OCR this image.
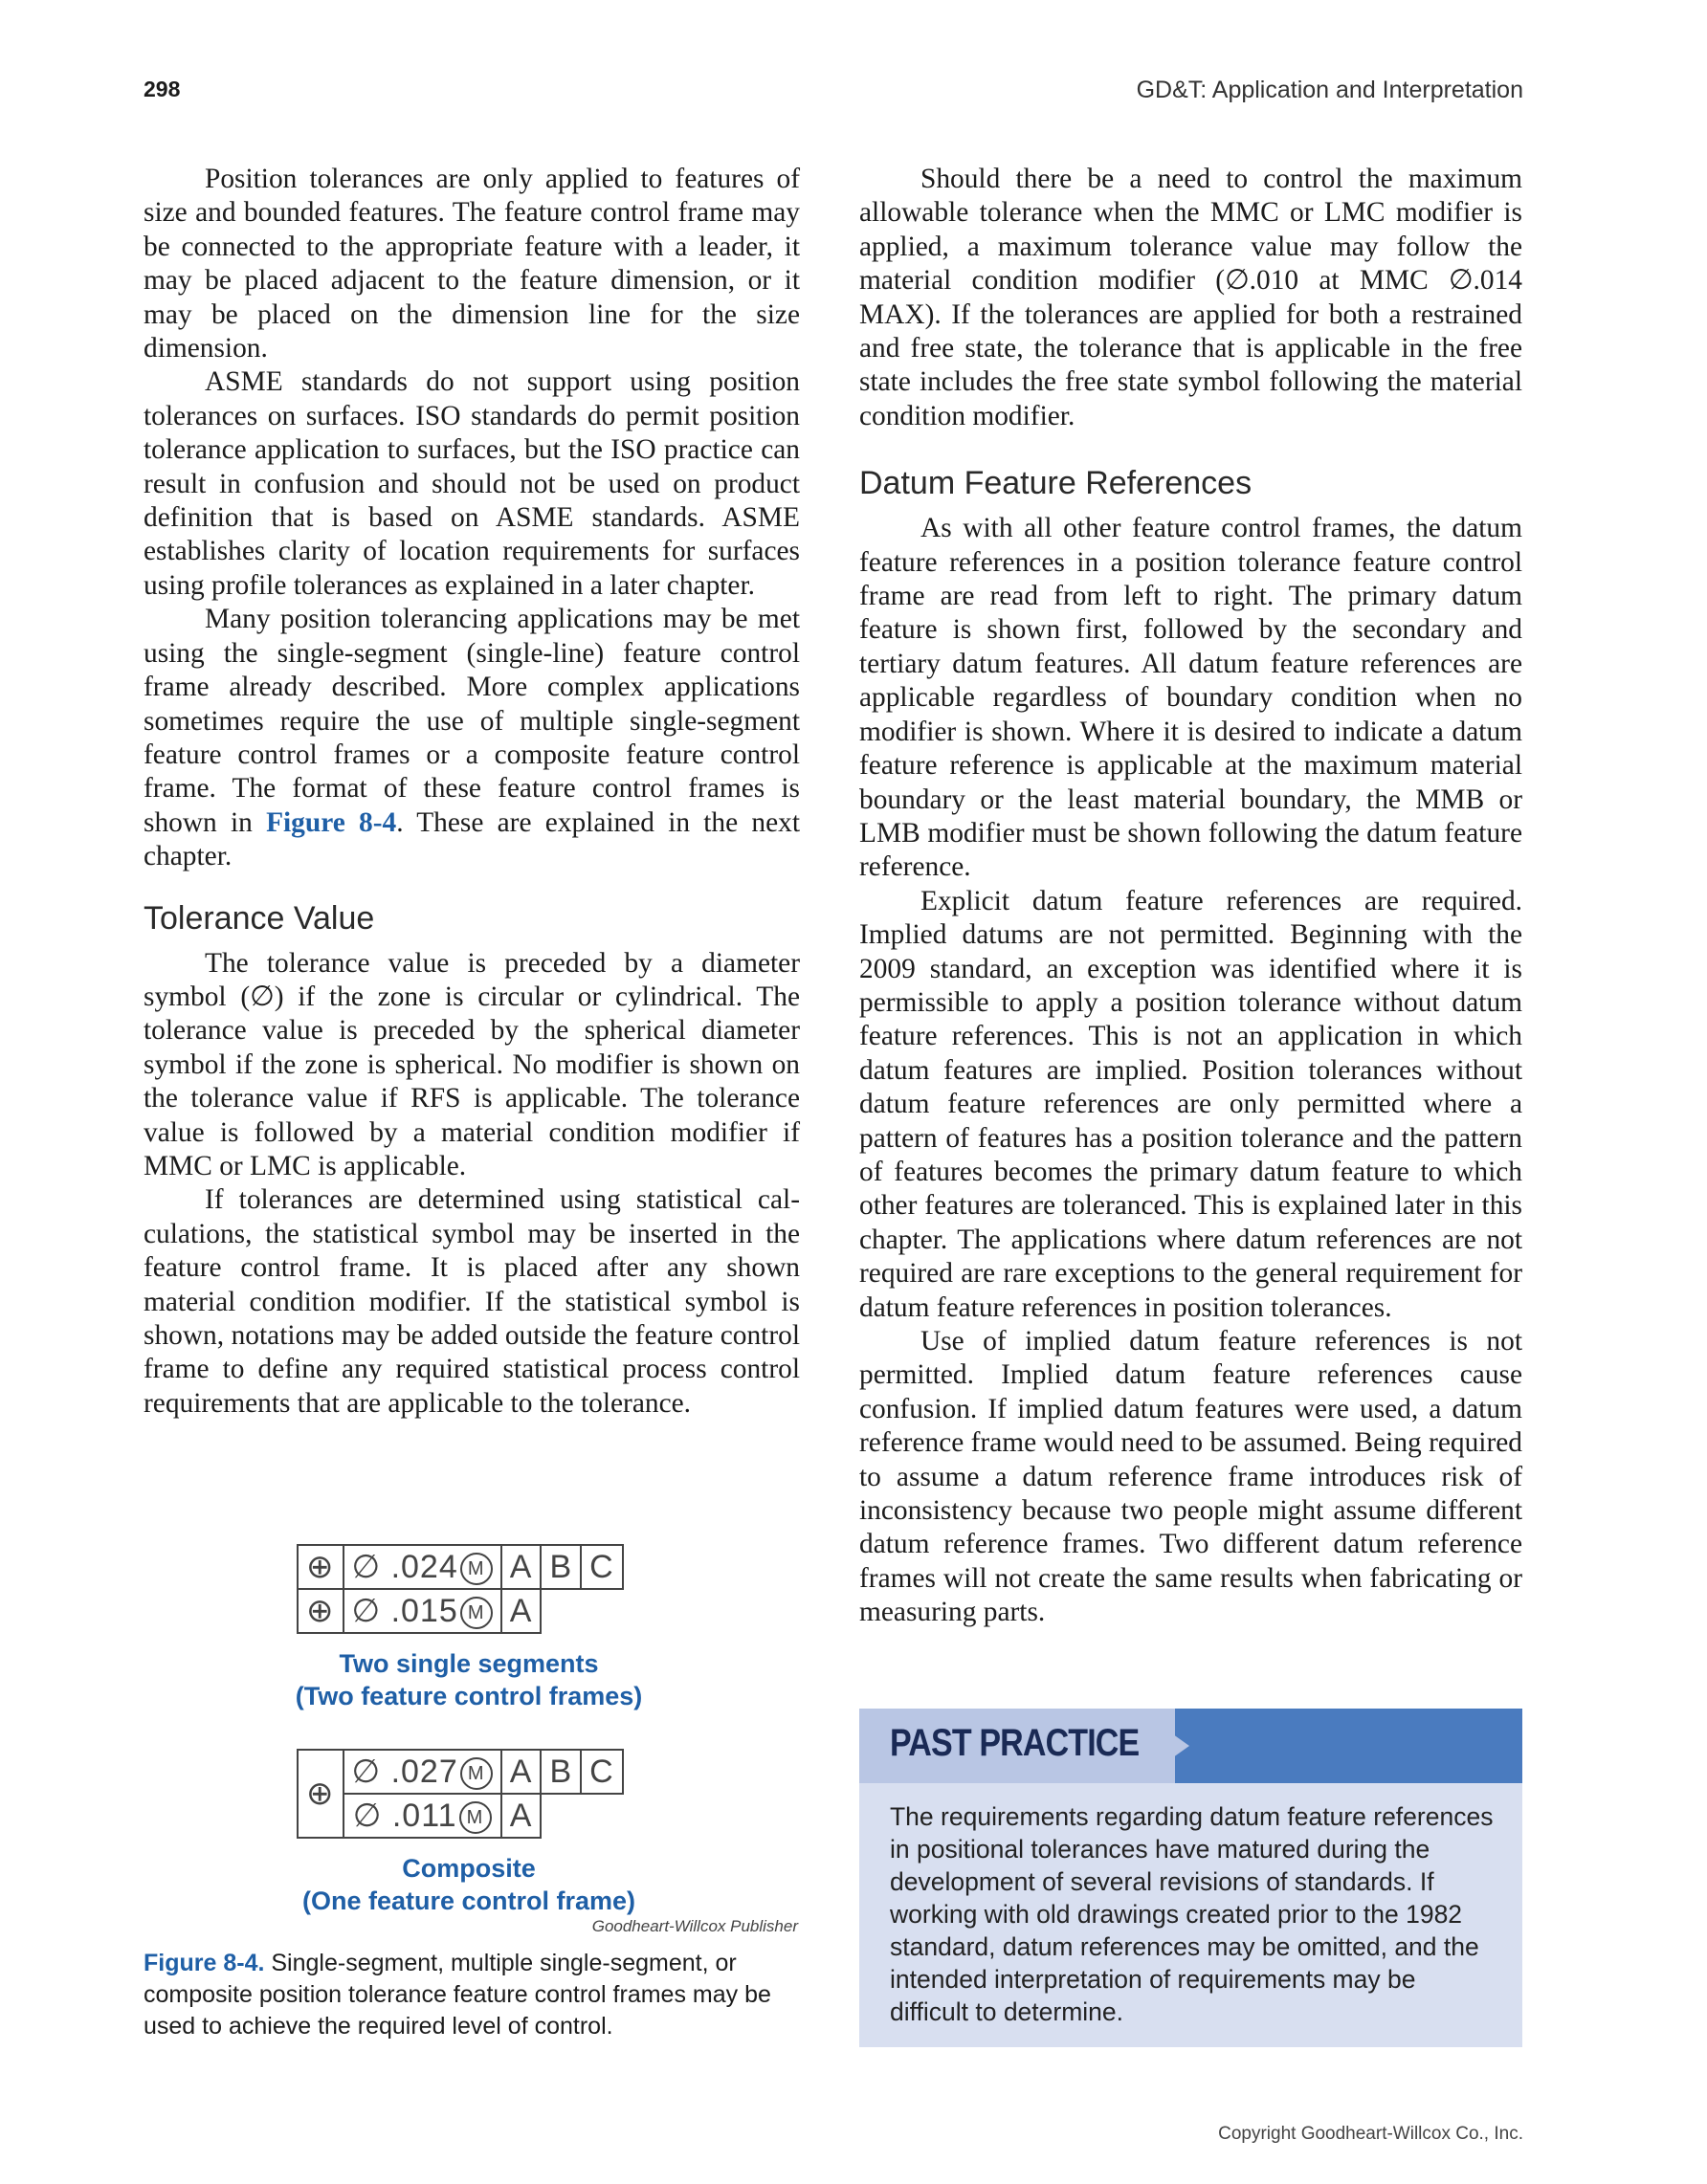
298	GD&T: Application and Interpretation

Position tolerances are only applied to features of size and bounded features. The feature control frame may be connected to the appropriate feature with a leader, it may be placed adjacent to the feature dimension, or it may be placed on the dimension line for the size dimension.

ASME standards do not support using position tolerances on surfaces. ISO standards do permit position tolerance application to surfaces, but the ISO practice can result in confusion and should not be used on product definition that is based on ASME standards. ASME establishes clarity of location requirements for surfaces using profile tolerances as explained in a later chapter.

Many position tolerancing applications may be met using the single-segment (single-line) feature control frame already described. More complex applications sometimes require the use of multiple single-segment feature control frames or a composite feature control frame. The format of these feature control frames is shown in Figure 8-4. These are explained in the next chapter.

Tolerance Value

The tolerance value is preceded by a diameter symbol (∅) if the zone is circular or cylindrical. The tolerance value is preceded by the spherical diameter symbol if the zone is spherical. No modifier is shown on the tolerance value if RFS is applicable. The tolerance value is followed by a material condition modifier if MMC or LMC is applicable.

If tolerances are determined using statistical calculations, the statistical symbol may be inserted in the feature control frame. It is placed after any shown material condition modifier. If the statistical symbol is shown, notations may be added outside the feature control frame to define any required statistical process control requirements that are applicable to the tolerance.

⊕	∅ .024 M	A	B	C
⊕	∅ .015 M	A		
Two single segments
(Two feature control frames)
⊕	∅ .027 M	A	B	C
	∅ .011 M	A		
Composite
(One feature control frame)
Goodheart-Willcox Publisher
Figure 8-4. Single-segment, multiple single-segment, or composite position tolerance feature control frames may be used to achieve the required level of control.

Should there be a need to control the maximum allowable tolerance when the MMC or LMC modifier is applied, a maximum tolerance value may follow the material condition modifier (∅.010 at MMC ∅.014 MAX). If the tolerances are applied for both a restrained and free state, the tolerance that is applicable in the free state includes the free state symbol following the material condition modifier.

Datum Feature References

As with all other feature control frames, the datum feature references in a position tolerance feature control frame are read from left to right. The primary datum feature is shown first, followed by the secondary and tertiary datum features. All datum feature references are applicable regardless of boundary condition when no modifier is shown. Where it is desired to indicate a datum feature reference is applicable at the maximum material boundary or the least material boundary, the MMB or LMB modifier must be shown following the datum feature reference.

Explicit datum feature references are required. Implied datums are not permitted. Beginning with the 2009 standard, an exception was identified where it is permissible to apply a position tolerance without datum feature references. This is not an application in which datum features are implied. Position tolerances without datum feature references are only permitted where a pattern of features has a position tolerance and the pattern of features becomes the primary datum feature to which other features are toleranced. This is explained later in this chapter. The applications where datum references are not required are rare exceptions to the general requirement for datum feature references in position tolerances.

Use of implied datum feature references is not permitted. Implied datum feature references cause confusion. If implied datum features were used, a datum reference frame would need to be assumed. Being required to assume a datum reference frame introduces risk of inconsistency because two people might assume different datum reference frames. Two different datum reference frames will not create the same results when fabricating or measuring parts.

PAST PRACTICE
The requirements regarding datum feature references in positional tolerances have matured during the development of several revisions of standards. If working with old drawings created prior to the 1982 standard, datum references may be omitted, and the intended interpretation of requirements may be difficult to determine.
Copyright Goodheart-Willcox Co., Inc.
